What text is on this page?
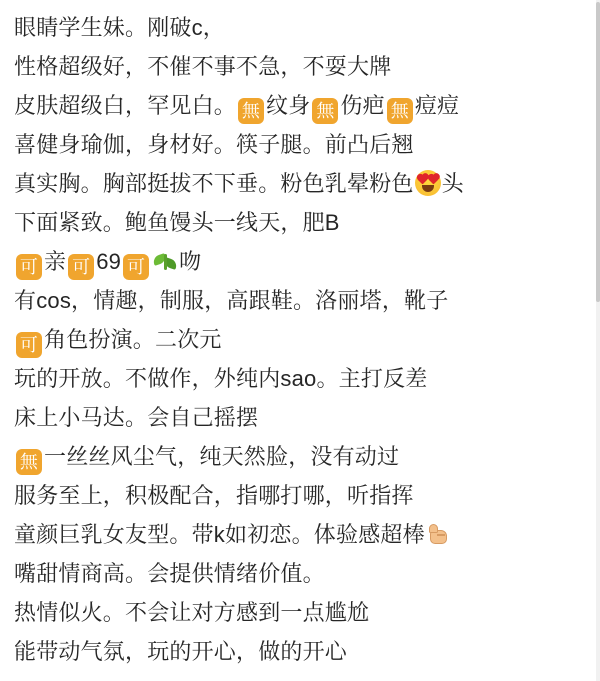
眼睛学生妹。刚破c，
性格超级好，不催不事不急，不耍大牌
皮肤超级白，罕见白。 無 纹身 無 伤疤 無 痘痘
喜健身瑜伽，身材好。筷子腿。前凸后翘
真实胸。胸部挺拔不下垂。粉色乳晕粉色 头
下面紧致。鲍鱼馒头一线天，肥B
可 亲 可 69 可 吻
有cos，情趣，制服，高跟鞋。洛丽塔，靴子
可 角色扮演。二次元
玩的开放。不做作，外纯内sao。主打反差
床上小马达。会自己摇摆
無 一丝丝风尘气，纯天然脸，没有动过
服务至上，积极配合，指哪打哪，听指挥
童颜巨乳女友型。带k如初恋。体验感超棒
嘴甜情商高。会提供情绪价值。
热情似火。不会让对方感到一点尴尬
能带动气氛，玩的开心，做的开心
